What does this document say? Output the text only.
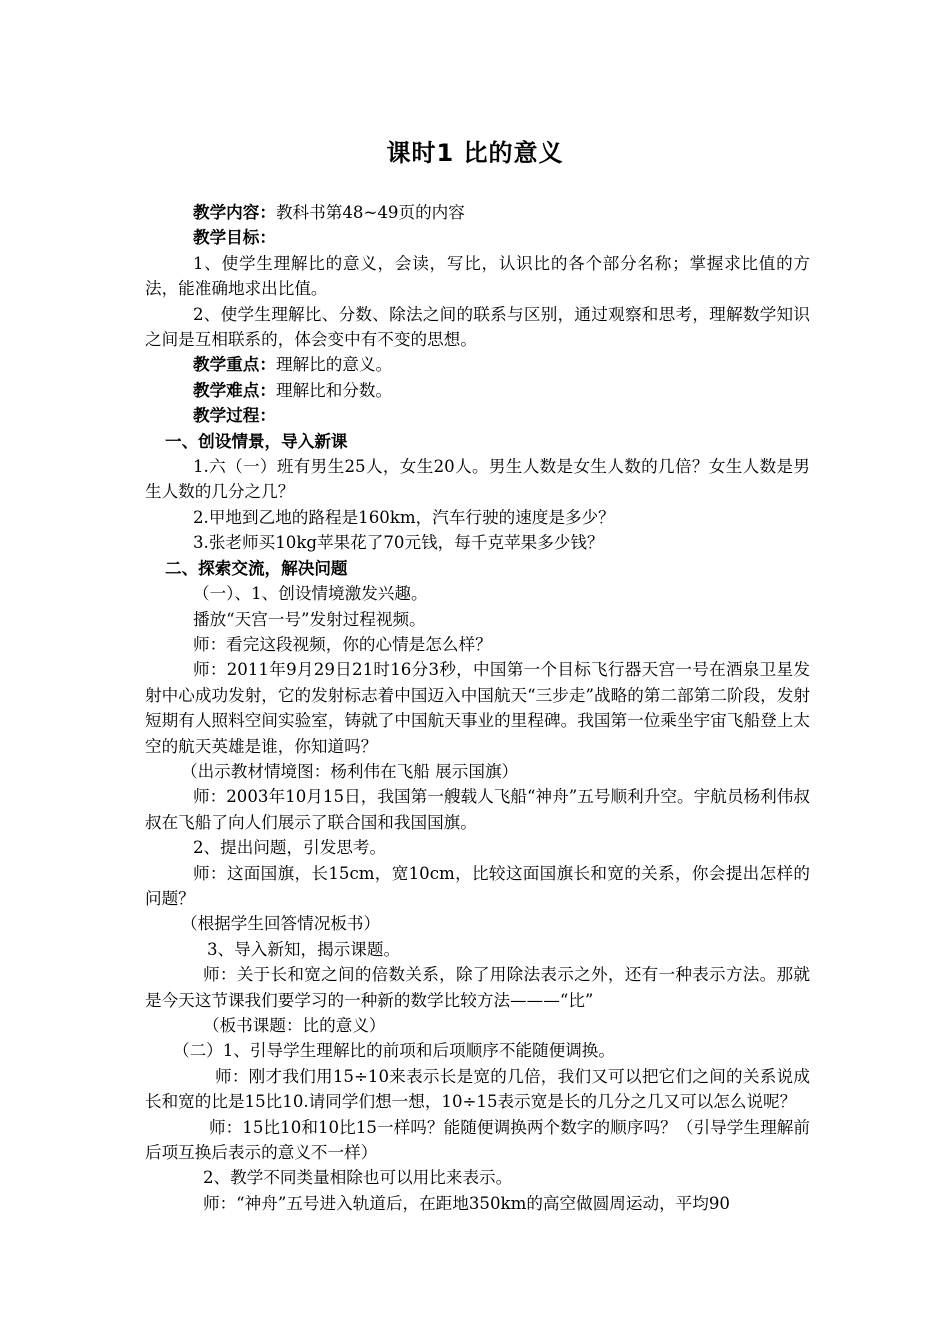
课时1 比的意义

教学内容：教科书第48~49页的内容

教学目标：

1、使学生理解比的意义，会读，写比，认识比的各个部分名称；掌握求比值的方法，能准确地求出比值。

2、使学生理解比、分数、除法之间的联系与区别，通过观察和思考，理解数学知识之间是互相联系的，体会变中有不变的思想。

教学重点：理解比的意义。

教学难点：理解比和分数。

教学过程：

一、创设情景，导入新课

1.六（一）班有男生25人，女生20人。男生人数是女生人数的几倍？女生人数是男生人数的几分之几？

2.甲地到乙地的路程是160km，汽车行驶的速度是多少？

3.张老师买10kg苹果花了70元钱，每千克苹果多少钱？

二、探索交流，解决问题

（一）、1、创设情境激发兴趣。

播放“天宫一号”发射过程视频。

师：看完这段视频，你的心情是怎么样？

师：2011年9月29日21时16分3秒，中国第一个目标飞行器天宫一号在酒泉卫星发射中心成功发射，它的发射标志着中国迈入中国航天“三步走”战略的第二部第二阶段，发射短期有人照料空间实验室，铸就了中国航天事业的里程碑。我国第一位乘坐宇宙飞船登上太空的航天英雄是谁，你知道吗？

（出示教材情境图：杨利伟在飞船 展示国旗）

师：2003年10月15日，我国第一艘载人飞船“神舟”五号顺利升空。宇航员杨利伟叔叔在飞船了向人们展示了联合国和我国国旗。

2、提出问题，引发思考。

师：这面国旗，长15cm，宽10cm，比较这面国旗长和宽的关系，你会提出怎样的问题？

（根据学生回答情况板书）

3、导入新知，揭示课题。

师：关于长和宽之间的倍数关系，除了用除法表示之外，还有一种表示方法。那就是今天这节课我们要学习的一种新的数学比较方法———“比”

（板书课题：比的意义）

（二）1、引导学生理解比的前项和后项顺序不能随便调换。

师：刚才我们用15÷10来表示长是宽的几倍，我们又可以把它们之间的关系说成长和宽的比是15比10.请同学们想一想，10÷15表示宽是长的几分之几又可以怎么说呢？

师：15比10和10比15一样吗？能随便调换两个数字的顺序吗？（引导学生理解前后项互换后表示的意义不一样）

2、教学不同类量相除也可以用比来表示。

师：“神舟”五号进入轨道后，在距地350km的高空做圆周运动，平均90
